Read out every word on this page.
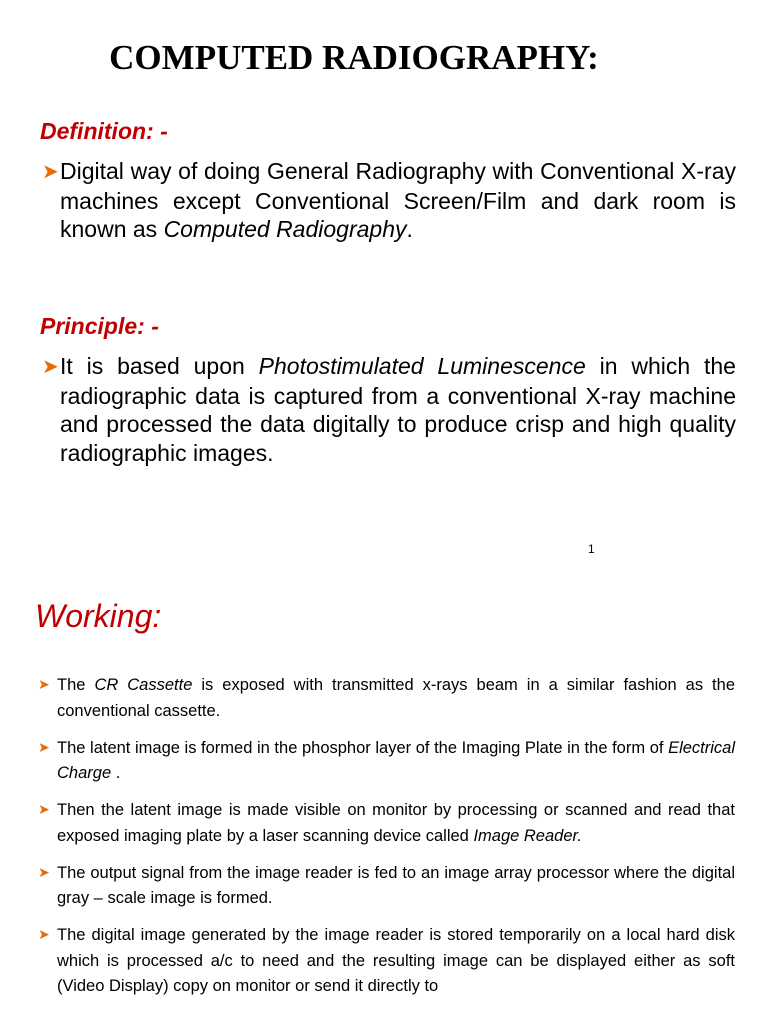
COMPUTED RADIOGRAPHY:
Definition: -

➤Digital way of doing General Radiography with Conventional X-ray machines except Conventional Screen/Film and dark room is known as Computed Radiography.

Principle: -

➤It is based upon Photostimulated Luminescence in which the radiographic data is captured from a conventional X-ray machine and processed the data digitally to produce crisp and high quality radiographic images.

1
Working:
➤ The CR Cassette is exposed with transmitted x-rays beam in a similar fashion as the conventional cassette.
➤ The latent image is formed in the phosphor layer of the Imaging Plate in the form of Electrical Charge .
➤ Then the latent image is made visible on monitor by processing or scanned and read that exposed imaging plate by a laser scanning device called Image Reader.
➤ The output signal from the image reader is fed to an image array processor where the digital gray – scale image is formed.
➤ The digital image generated by the image reader is stored temporarily on a local hard disk which is processed a/c to need and the resulting image can be displayed either as soft (Video Display) copy on monitor or send it directly to
